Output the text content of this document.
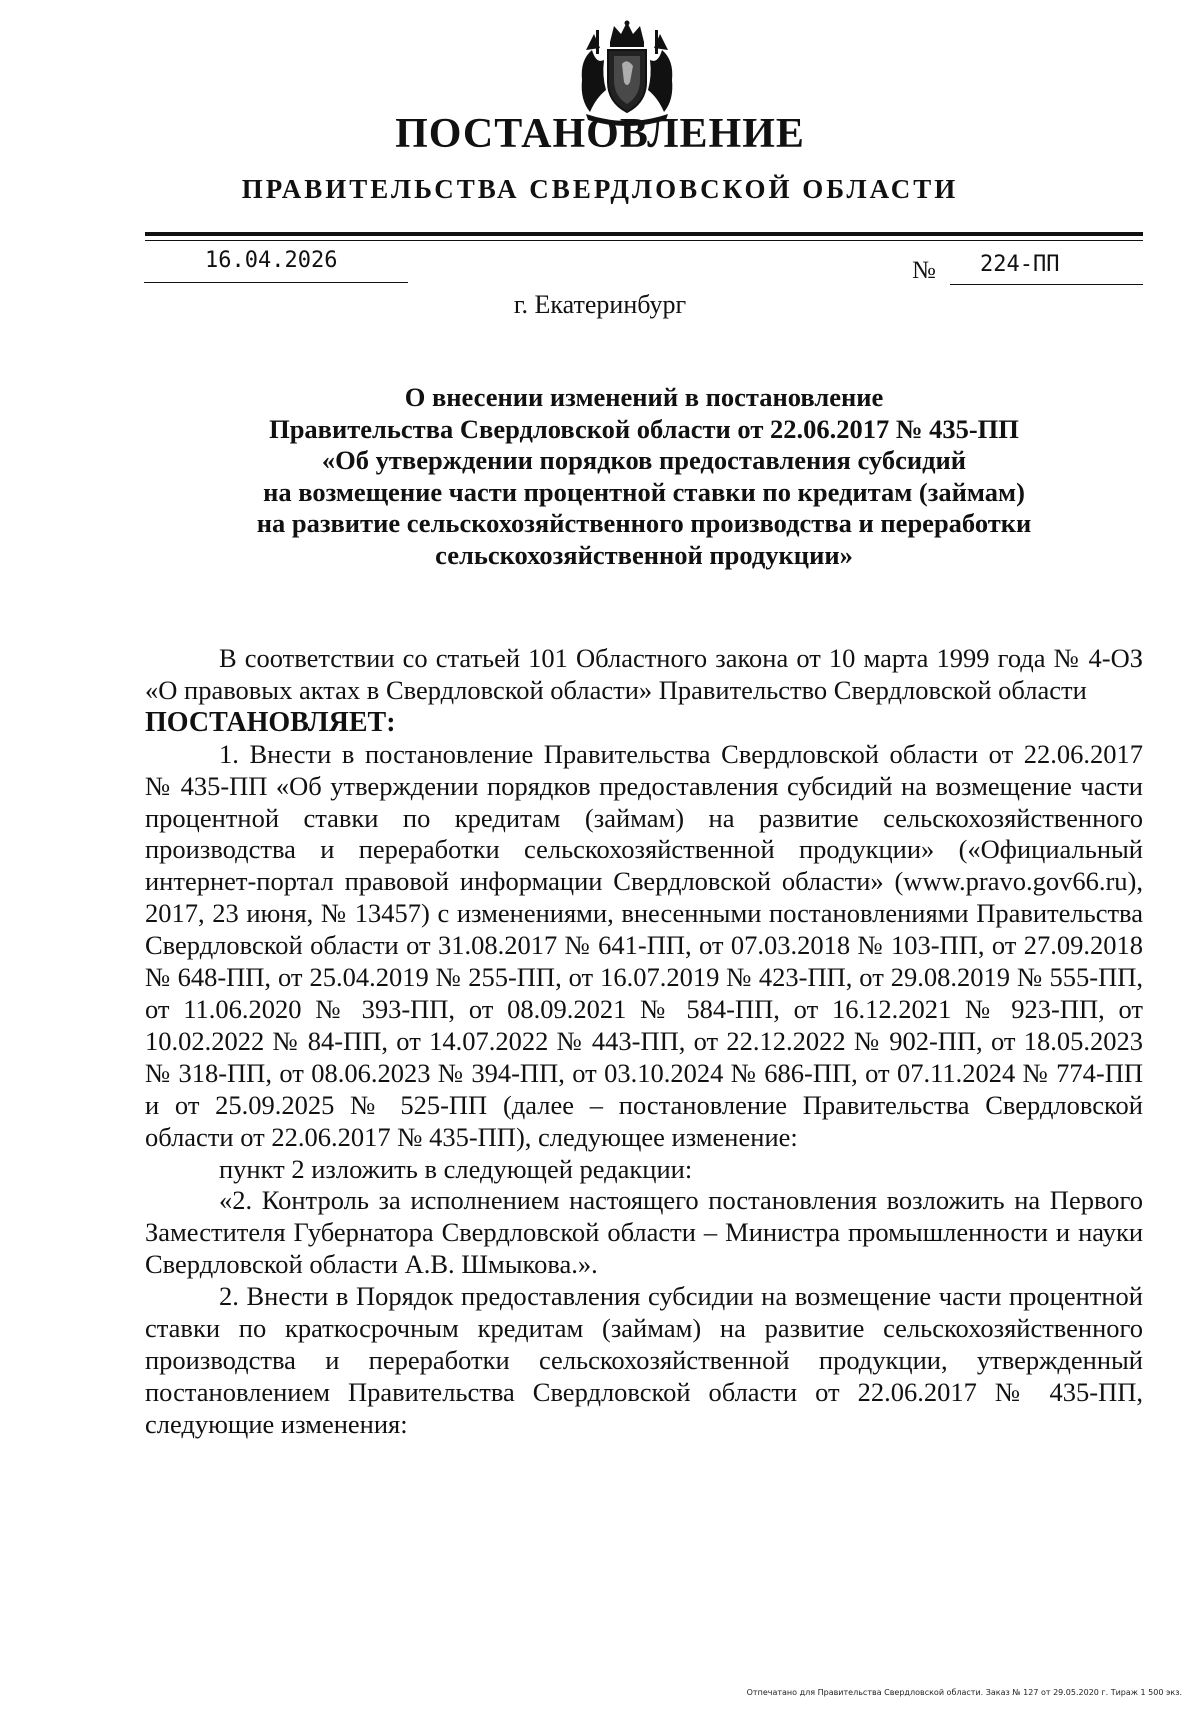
ПОСТАНОВЛЕНИЕ
ПРАВИТЕЛЬСТВА СВЕРДЛОВСКОЙ ОБЛАСТИ
16.04.2026	№ 224-ПП
г. Екатеринбург
О внесении изменений в постановление
Правительства Свердловской области от 22.06.2017 № 435-ПП
«Об утверждении порядков предоставления субсидий
на возмещение части процентной ставки по кредитам (займам)
на развитие сельскохозяйственного производства и переработки
сельскохозяйственной продукции»

В соответствии со статьей 101 Областного закона от 10 марта 1999 года № 4-ОЗ «О правовых актах в Свердловской области» Правительство Свердловской области

ПОСТАНОВЛЯЕТ:

1. Внести в постановление Правительства Свердловской области от 22.06.2017 № 435-ПП «Об утверждении порядков предоставления субсидий на возмещение части процентной ставки по кредитам (займам) на развитие сельскохозяйственного производства и переработки сельскохозяйственной продукции» («Официальный интернет-портал правовой информации Свердловской области» (www.pravo.gov66.ru), 2017, 23 июня, № 13457) с изменениями, внесенными постановлениями Правительства Свердловской области от 31.08.2017 № 641-ПП, от 07.03.2018 № 103-ПП, от 27.09.2018 № 648-ПП, от 25.04.2019 № 255-ПП, от 16.07.2019 № 423-ПП, от 29.08.2019 № 555-ПП, от 11.06.2020 № 393-ПП, от 08.09.2021 № 584-ПП, от 16.12.2021 № 923-ПП, от 10.02.2022 № 84-ПП, от 14.07.2022 № 443-ПП, от 22.12.2022 № 902-ПП, от 18.05.2023 № 318-ПП, от 08.06.2023 № 394-ПП, от 03.10.2024 № 686-ПП, от 07.11.2024 № 774-ПП и от 25.09.2025 № 525-ПП (далее – постановление Правительства Свердловской области от 22.06.2017 № 435-ПП), следующее изменение:

пункт 2 изложить в следующей редакции:

«2. Контроль за исполнением настоящего постановления возложить на Первого Заместителя Губернатора Свердловской области – Министра промышленности и науки Свердловской области А.В. Шмыкова.».

2. Внести в Порядок предоставления субсидии на возмещение части процентной ставки по краткосрочным кредитам (займам) на развитие сельскохозяйственного производства и переработки сельскохозяйственной продукции, утвержденный постановлением Правительства Свердловской области от 22.06.2017 № 435-ПП, следующие изменения:

Отпечатано для Правительства Свердловской области. Заказ № 127 от 29.05.2020 г. Тираж 1 500 экз.
